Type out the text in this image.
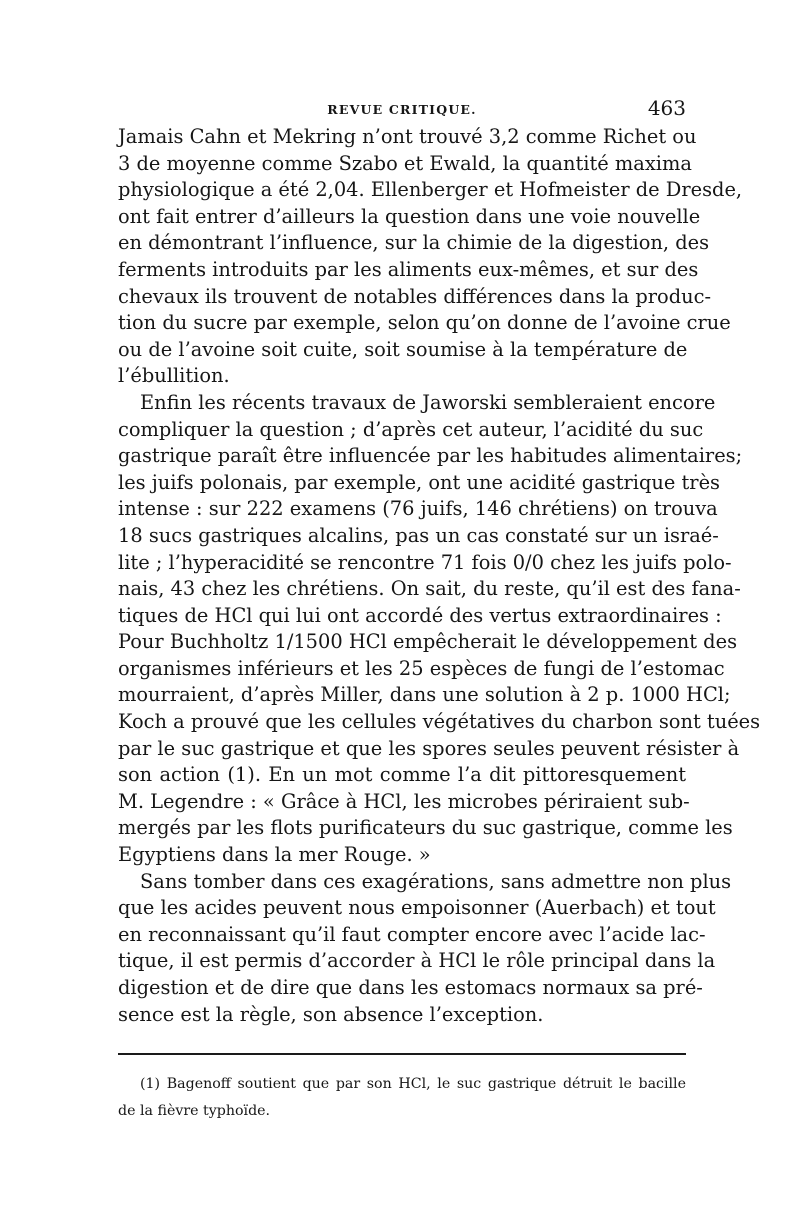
REVUE CRITIQUE.	463
Jamais Cahn et Mekring n’ont trouvé 3,2 comme Richet ou
3 de moyenne comme Szabo et Ewald, la quantité maxima
physiologique a été 2,04. Ellenberger et Hofmeister de Dresde,
ont fait entrer d’ailleurs la question dans une voie nouvelle
en démontrant l’influence, sur la chimie de la digestion, des
ferments introduits par les aliments eux-mêmes, et sur des
chevaux ils trouvent de notables différences dans la produc-
tion du sucre par exemple, selon qu’on donne de l’avoine crue
ou de l’avoine soit cuite, soit soumise à la température de
l’ébullition.
Enfin les récents travaux de Jaworski sembleraient encore
compliquer la question ; d’après cet auteur, l’acidité du suc
gastrique paraît être influencée par les habitudes alimentaires;
les juifs polonais, par exemple, ont une acidité gastrique très
intense : sur 222 examens (76 juifs, 146 chrétiens) on trouva
18 sucs gastriques alcalins, pas un cas constaté sur un israé-
lite ; l’hyperacidité se rencontre 71 fois 0/0 chez les juifs polo-
nais, 43 chez les chrétiens. On sait, du reste, qu’il est des fana-
tiques de HCl qui lui ont accordé des vertus extraordinaires :
Pour Buchholtz 1/1500 HCl empêcherait le développement des
organismes inférieurs et les 25 espèces de fungi de l’estomac
mourraient, d’après Miller, dans une solution à 2 p. 1000 HCl;
Koch a prouvé que les cellules végétatives du charbon sont tuées
par le suc gastrique et que les spores seules peuvent résister à
son action (1). En un mot comme l’a dit pittoresquement
M. Legendre : « Grâce à HCl, les microbes périraient sub-
mergés par les flots purificateurs du suc gastrique, comme les
Egyptiens dans la mer Rouge. »
Sans tomber dans ces exagérations, sans admettre non plus
que les acides peuvent nous empoisonner (Auerbach) et tout
en reconnaissant qu’il faut compter encore avec l’acide lac-
tique, il est permis d’accorder à HCl le rôle principal dans la
digestion et de dire que dans les estomacs normaux sa pré-
sence est la règle, son absence l’exception.
(1) Bagenoff soutient que par son HCl, le suc gastrique détruit le bacille
de la fièvre typhoïde.
